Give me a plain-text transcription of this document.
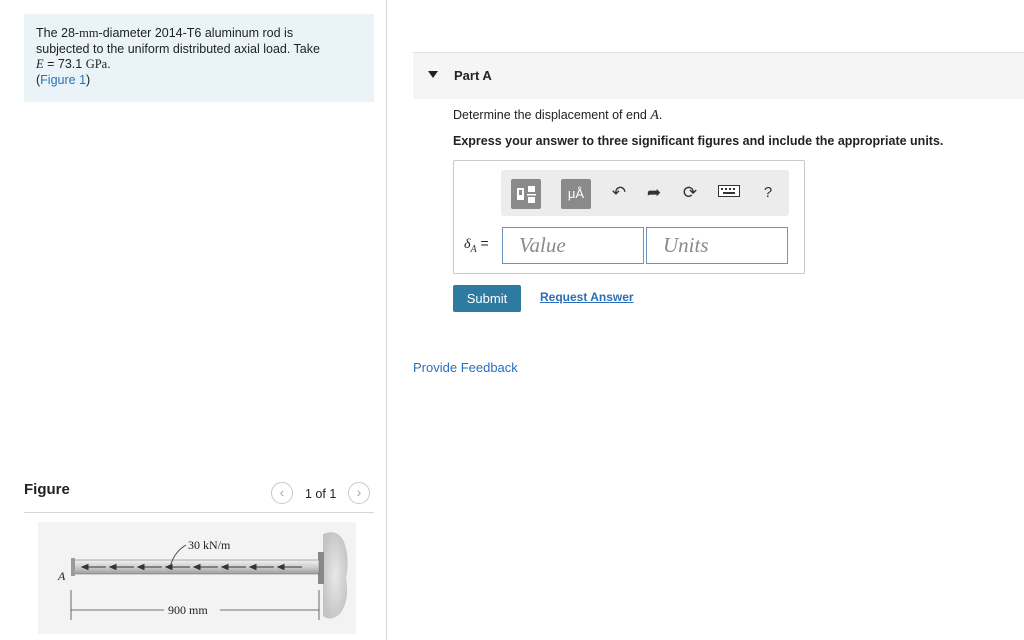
The 28-mm-diameter 2014-T6 aluminum rod is
subjected to the uniform distributed axial load. Take
E = 73.1 GPa.
(Figure 1)
Figure	‹	1 of 1	›
30 kN/m
A
900 mm
Part A
Determine the displacement of end A.
Express your answer to three significant figures and include the appropriate units.
μÅ	↶ ➦ ⟳	?
$\delta_A$ =
Value
Units
Submit	Request Answer
Provide Feedback
